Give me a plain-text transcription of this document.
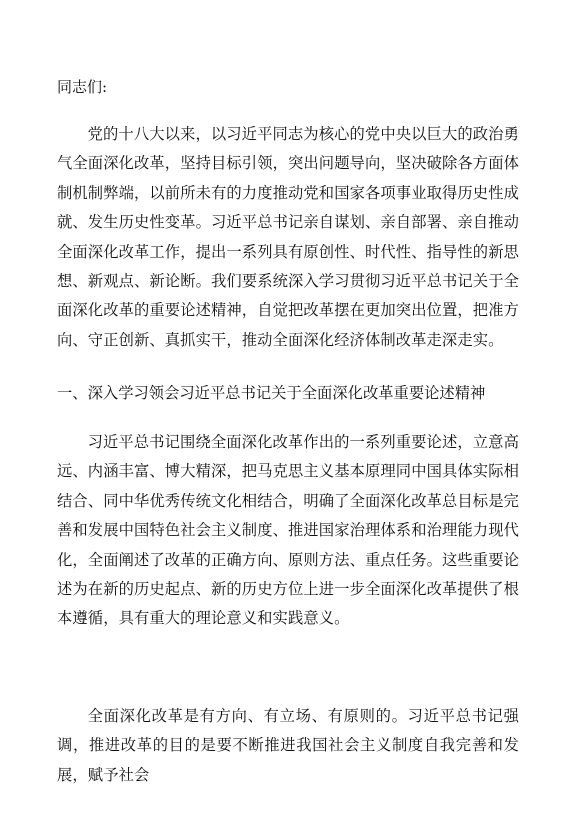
同志们:

党的十八大以来，以习近平同志为核心的党中央以巨大的政治勇气全面深化改革，坚持目标引领，突出问题导向，坚决破除各方面体制机制弊端，以前所未有的力度推动党和国家各项事业取得历史性成就、发生历史性变革。习近平总书记亲自谋划、亲自部署、亲自推动全面深化改革工作，提出一系列具有原创性、时代性、指导性的新思想、新观点、新论断。我们要系统深入学习贯彻习近平总书记关于全面深化改革的重要论述精神，自觉把改革摆在更加突出位置，把准方向、守正创新、真抓实干，推动全面深化经济体制改革走深走实。

一、深入学习领会习近平总书记关于全面深化改革重要论述精神

习近平总书记围绕全面深化改革作出的一系列重要论述，立意高远、内涵丰富、博大精深，把马克思主义基本原理同中国具体实际相结合、同中华优秀传统文化相结合，明确了全面深化改革总目标是完善和发展中国特色社会主义制度、推进国家治理体系和治理能力现代化，全面阐述了改革的正确方向、原则方法、重点任务。这些重要论述为在新的历史起点、新的历史方位上进一步全面深化改革提供了根本遵循，具有重大的理论意义和实践意义。

全面深化改革是有方向、有立场、有原则的。习近平总书记强调，推进改革的目的是要不断推进我国社会主义制度自我完善和发展，赋予社会
